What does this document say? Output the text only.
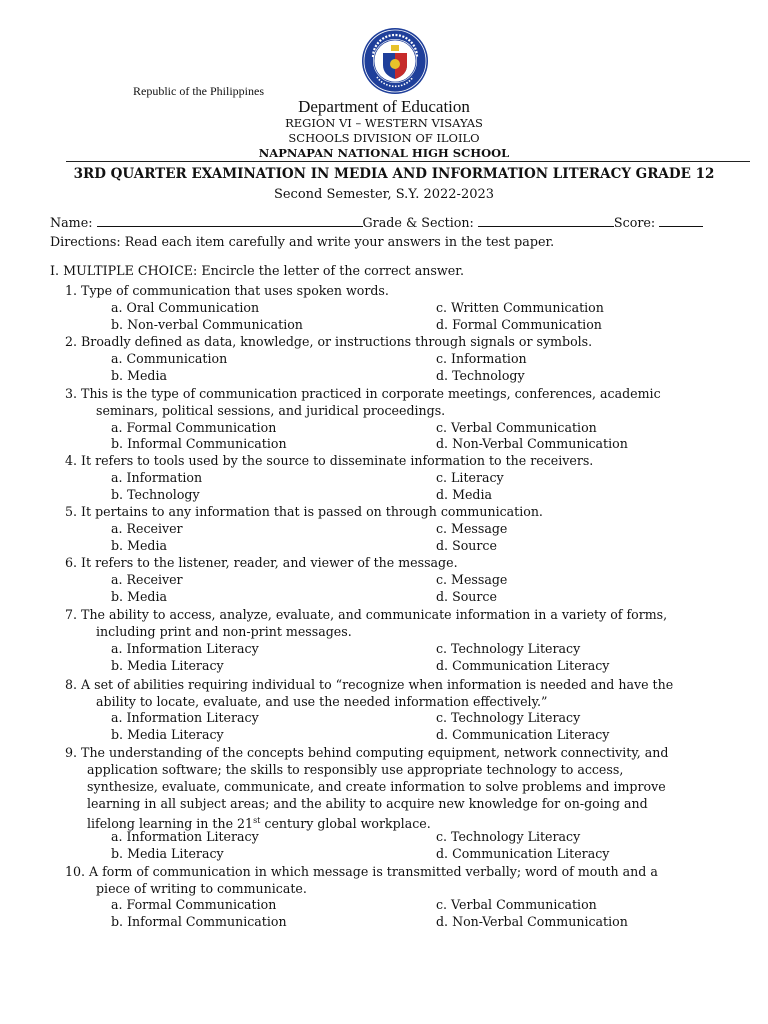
Republic of the Philippines
Department of Education
REGION VI – WESTERN VISAYAS
SCHOOLS DIVISION OF ILOILO
NAPNAPAN NATIONAL HIGH SCHOOL
3RD QUARTER EXAMINATION IN MEDIA AND INFORMATION LITERACY GRADE 12
Second Semester, S.Y. 2022-2023
Name:	Grade & Section:	Score:
Directions: Read each item carefully and write your answers in the test paper.
I. MULTIPLE CHOICE: Encircle the letter of the correct answer.
1. Type of communication that uses spoken words.
a. Oral Communication	c. Written Communication
b. Non-verbal Communication	d. Formal Communication
2. Broadly defined as data, knowledge, or instructions through signals or symbols.
a. Communication	c. Information
b. Media	d. Technology
3. This is the type of communication practiced in corporate meetings, conferences, academic
seminars, political sessions, and juridical proceedings.
a. Formal Communication	c. Verbal Communication
b. Informal Communication	d. Non-Verbal Communication
4. It refers to tools used by the source to disseminate information to the receivers.
a. Information	c. Literacy
b. Technology	d. Media
5. It pertains to any information that is passed on through communication.
a. Receiver	c. Message
b. Media	d. Source
6. It refers to the listener, reader, and viewer of the message.
a. Receiver	c. Message
b. Media	d. Source
7. The ability to access, analyze, evaluate, and communicate information in a variety of forms,
including print and non-print messages.
a. Information Literacy	c. Technology Literacy
b. Media Literacy	d. Communication Literacy
8. A set of abilities requiring individual to “recognize when information is needed and have the
ability to locate, evaluate, and use the needed information effectively.”
a. Information Literacy	c. Technology Literacy
b. Media Literacy	d. Communication Literacy
9. The understanding of the concepts behind computing equipment, network connectivity, and
application software; the skills to responsibly use appropriate technology to access,
synthesize, evaluate, communicate, and create information to solve problems and improve
learning in all subject areas; and the ability to acquire new knowledge for on-going and
lifelong learning in the 21st century global workplace.
a. Information Literacy	c. Technology Literacy
b. Media Literacy	d. Communication Literacy
10. A form of communication in which message is transmitted verbally; word of mouth and a
piece of writing to communicate.
a. Formal Communication	c. Verbal Communication
b. Informal Communication	d. Non-Verbal Communication
